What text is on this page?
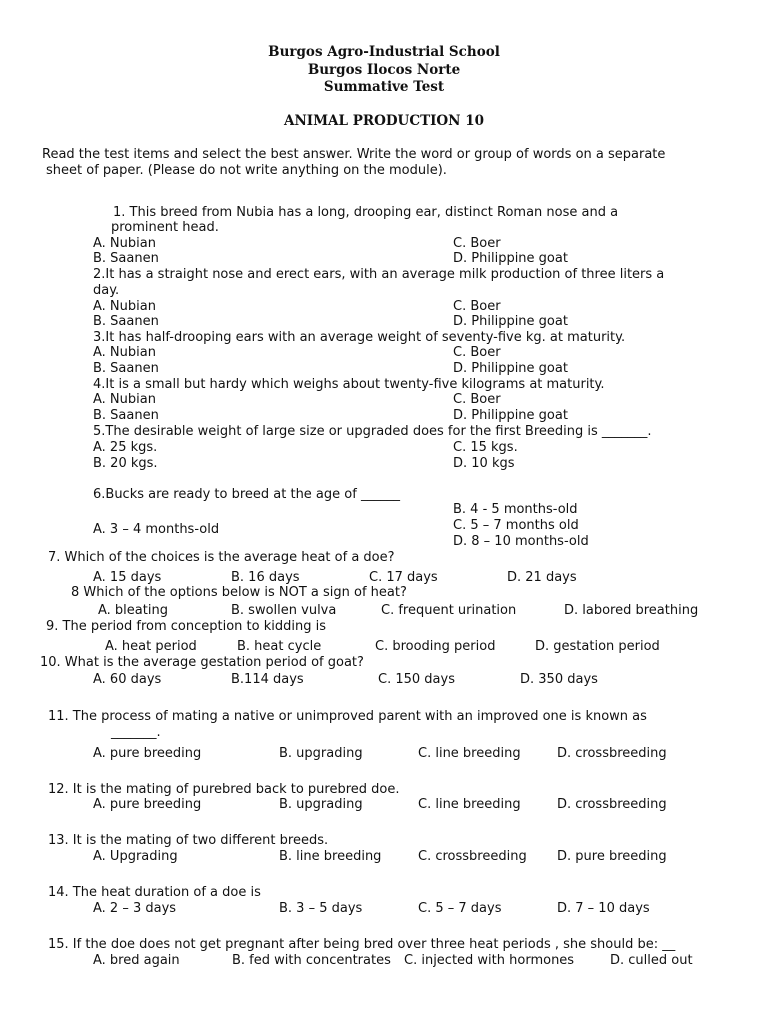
Burgos Agro-Industrial School
Burgos Ilocos Norte
Summative Test
ANIMAL PRODUCTION 10
Read the test items and select the best answer. Write the word or group of words on a separate
sheet of paper. (Please do not write anything on the module).
1. This breed from Nubia has a long, drooping ear, distinct Roman nose and a
prominent head.
A. Nubian	C. Boer
B. Saanen	D. Philippine goat
2.It has a straight nose and erect ears, with an average milk production of three liters a
day.
A. Nubian	C. Boer
B. Saanen	D. Philippine goat
3.It has half-drooping ears with an average weight of seventy-five kg. at maturity.
A. Nubian	C. Boer
B. Saanen	D. Philippine goat
4.It is a small but hardy which weighs about twenty-five kilograms at maturity.
A. Nubian	C. Boer
B. Saanen	D. Philippine goat
5.The desirable weight of large size or upgraded does for the first Breeding is _______.
A. 25 kgs.	C. 15 kgs.
B. 20 kgs.	D. 10 kgs
6.Bucks are ready to breed at the age of ______
B. 4 - 5 months-old
A. 3 – 4 months-old	C. 5 – 7 months old
D. 8 – 10 months-old
7. Which of the choices is the average heat of a doe?
A. 15 days	B. 16 days	C. 17 days	D. 21 days
8 Which of the options below is NOT a sign of heat?
A. bleating	B. swollen vulva	C. frequent urination	D. labored breathing
9. The period from conception to kidding is
A. heat period	B. heat cycle	C. brooding period	D. gestation period
10. What is the average gestation period of goat?
A. 60 days	B.114 days	C. 150 days	D. 350 days
11. The process of mating a native or unimproved parent with an improved one is known as
_______.
A. pure breeding	B. upgrading	C. line breeding	D. crossbreeding
12. It is the mating of purebred back to purebred doe.
A. pure breeding	B. upgrading	C. line breeding	D. crossbreeding
13. It is the mating of two different breeds.
A. Upgrading	B. line breeding	C. crossbreeding D. pure breeding
14. The heat duration of a doe is
A. 2 – 3 days	B. 3 – 5 days	C. 5 – 7 days	D. 7 – 10 days
15. If the doe does not get pregnant after being bred over three heat periods , she should be: __
A. bred again	B. fed with concentrates C. injected with hormones	D. culled out
